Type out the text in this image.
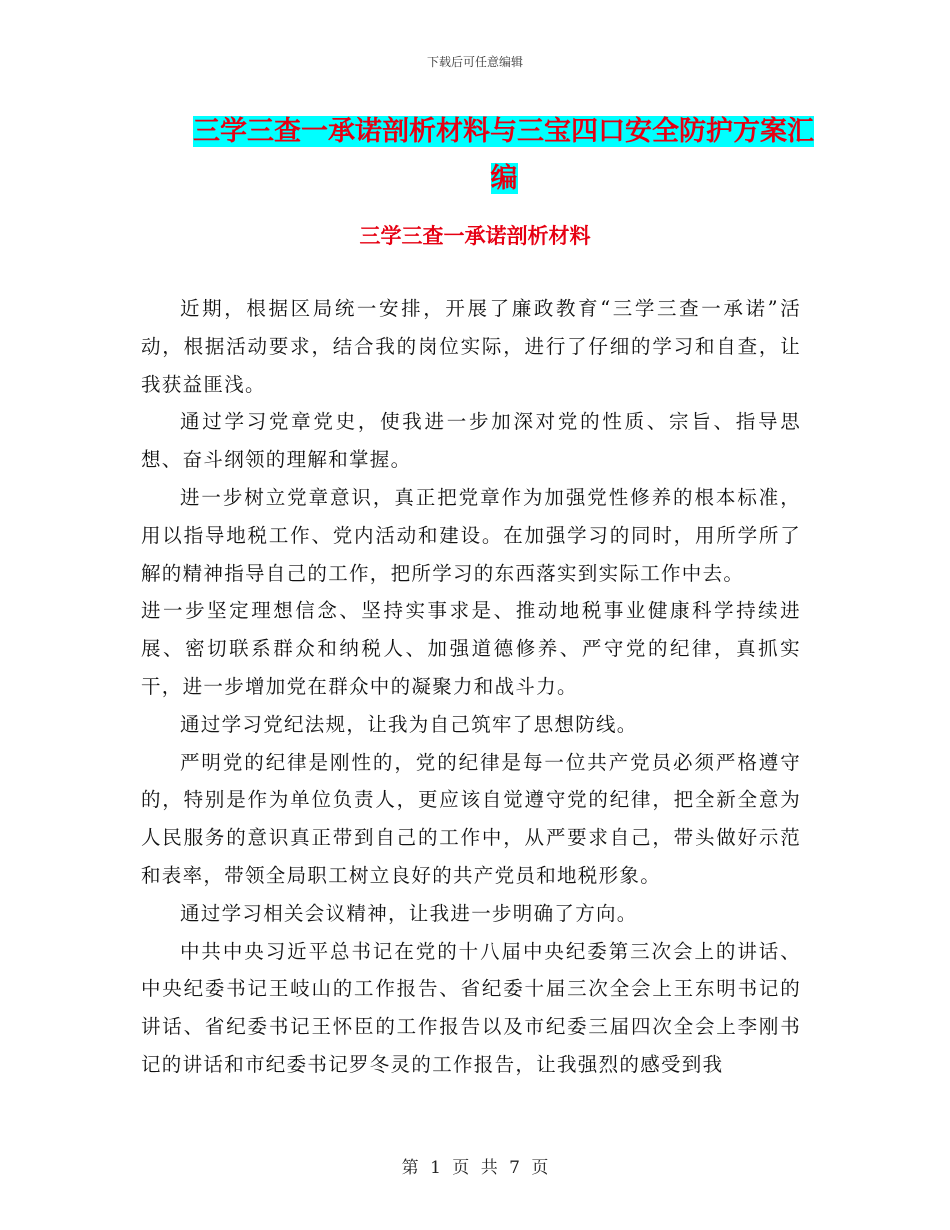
下载后可任意编辑
三学三查一承诺剖析材料与三宝四口安全防护方案汇
编
三学三查一承诺剖析材料

近期，根据区局统一安排，开展了廉政教育“三学三查一承诺”活动，根据活动要求，结合我的岗位实际，进行了仔细的学习和自查，让我获益匪浅。

通过学习党章党史，使我进一步加深对党的性质、宗旨、指导思想、奋斗纲领的理解和掌握。

进一步树立党章意识，真正把党章作为加强党性修养的根本标准，用以指导地税工作、党内活动和建设。在加强学习的同时，用所学所了解的精神指导自己的工作，把所学习的东西落实到实际工作中去。

进一步坚定理想信念、坚持实事求是、推动地税事业健康科学持续进展、密切联系群众和纳税人、加强道德修养、严守党的纪律，真抓实干，进一步增加党在群众中的凝聚力和战斗力。

通过学习党纪法规，让我为自己筑牢了思想防线。

严明党的纪律是刚性的，党的纪律是每一位共产党员必须严格遵守的，特别是作为单位负责人，更应该自觉遵守党的纪律，把全新全意为人民服务的意识真正带到自己的工作中，从严要求自己，带头做好示范和表率，带领全局职工树立良好的共产党员和地税形象。

通过学习相关会议精神，让我进一步明确了方向。

中共中央习近平总书记在党的十八届中央纪委第三次会上的讲话、中央纪委书记王岐山的工作报告、省纪委十届三次全会上王东明书记的讲话、省纪委书记王怀臣的工作报告以及市纪委三届四次全会上李刚书记的讲话和市纪委书记罗冬灵的工作报告，让我强烈的感受到我

第 1 页 共 7 页
